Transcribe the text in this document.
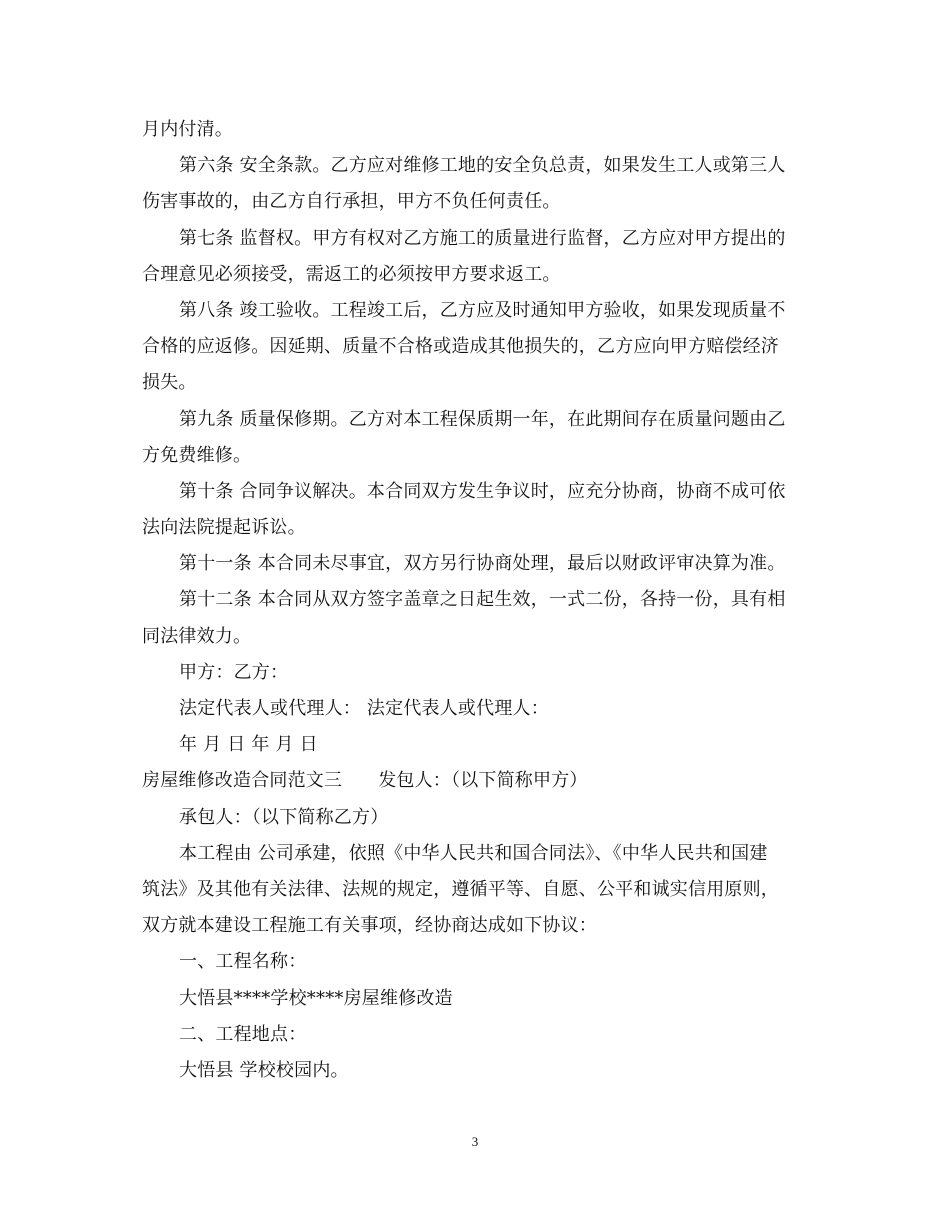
月内付清。
第六条 安全条款。乙方应对维修工地的安全负总责，如果发生工人或第三人
伤害事故的，由乙方自行承担，甲方不负任何责任。
第七条 监督权。甲方有权对乙方施工的质量进行监督，乙方应对甲方提出的
合理意见必须接受，需返工的必须按甲方要求返工。
第八条 竣工验收。工程竣工后，乙方应及时通知甲方验收，如果发现质量不
合格的应返修。因延期、质量不合格或造成其他损失的，乙方应向甲方赔偿经济
损失。
第九条 质量保修期。乙方对本工程保质期一年，在此期间存在质量问题由乙
方免费维修。
第十条 合同争议解决。本合同双方发生争议时，应充分协商，协商不成可依
法向法院提起诉讼。
第十一条 本合同未尽事宜，双方另行协商处理，最后以财政评审决算为准。
第十二条 本合同从双方签字盖章之日起生效，一式二份，各持一份，具有相
同法律效力。
甲方：乙方：
法定代表人或代理人： 法定代表人或代理人：
年 月 日 年 月 日
房屋维修改造合同范文三 发包人：（以下简称甲方）
承包人：（以下简称乙方）
本工程由 公司承建，依照《中华人民共和国合同法》、《中华人民共和国建
筑法》及其他有关法律、法规的规定，遵循平等、自愿、公平和诚实信用原则，
双方就本建设工程施工有关事项，经协商达成如下协议：
一、工程名称：
大悟县****学校****房屋维修改造
二、工程地点：
大悟县 学校校园内。
3
